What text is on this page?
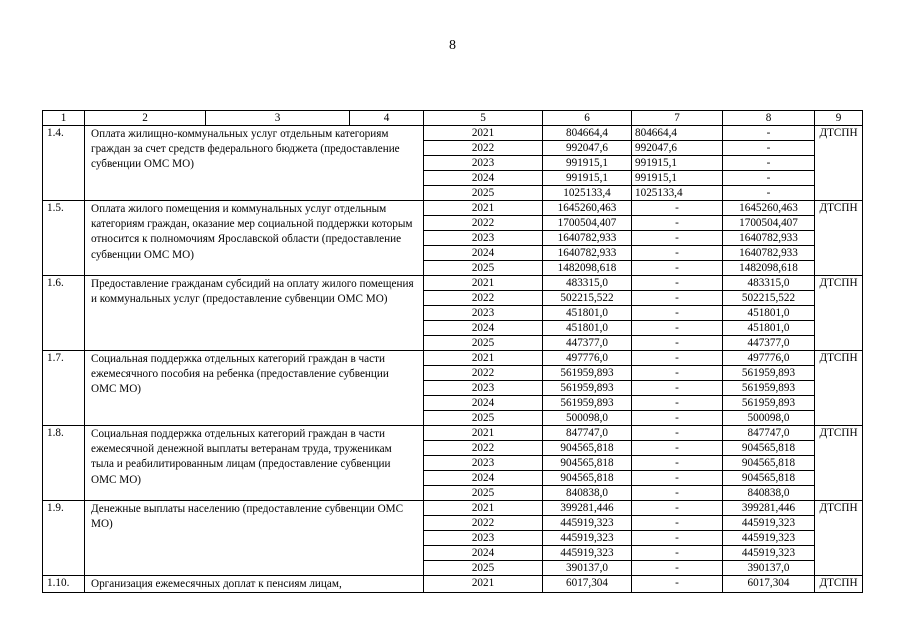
8
1	2	3	4	5	6	7	8	9
1.4.	Оплата жилищно-коммунальных услуг отдельным категориям граждан за счет средств федерального бюджета (предоставление субвенции ОМС МО)			2021	804664,4	804664,4	-	ДТСПН
				2022	992047,6	992047,6	-	
				2023	991915,1	991915,1	-	
				2024	991915,1	991915,1	-	
				2025	1025133,4	1025133,4	-	
1.5.	Оплата жилого помещения и коммунальных услуг отдельным категориям граждан, оказание мер социальной поддержки которым относится к полномочиям Ярославской области (предоставление субвенции ОМС МО)			2021	1645260,463	-	1645260,463	ДТСПН
				2022	1700504,407	-	1700504,407	
				2023	1640782,933	-	1640782,933	
				2024	1640782,933	-	1640782,933	
				2025	1482098,618	-	1482098,618	
1.6.	Предоставление гражданам субсидий на оплату жилого помещения и коммунальных услуг (предоставление субвенции ОМС МО)			2021	483315,0	-	483315,0	ДТСПН
				2022	502215,522	-	502215,522	
				2023	451801,0	-	451801,0	
				2024	451801,0	-	451801,0	
				2025	447377,0	-	447377,0	
1.7.	Социальная поддержка отдельных категорий граждан в части ежемесячного пособия на ребенка (предоставление субвенции ОМС МО)			2021	497776,0	-	497776,0	ДТСПН
				2022	561959,893	-	561959,893	
				2023	561959,893	-	561959,893	
				2024	561959,893	-	561959,893	
				2025	500098,0	-	500098,0	
1.8.	Социальная поддержка отдельных категорий граждан в части ежемесячной денежной выплаты ветеранам труда, труженикам тыла и реабилитированным лицам (предоставление субвенции ОМС МО)			2021	847747,0	-	847747,0	ДТСПН
				2022	904565,818	-	904565,818	
				2023	904565,818	-	904565,818	
				2024	904565,818	-	904565,818	
				2025	840838,0	-	840838,0	
1.9.	Денежные выплаты населению (предоставление субвенции ОМС МО)			2021	399281,446	-	399281,446	ДТСПН
				2022	445919,323	-	445919,323	
				2023	445919,323	-	445919,323	
				2024	445919,323	-	445919,323	
				2025	390137,0	-	390137,0	
1.10.	Организация ежемесячных доплат к пенсиям лицам,			2021	6017,304	-	6017,304	ДТСПН
